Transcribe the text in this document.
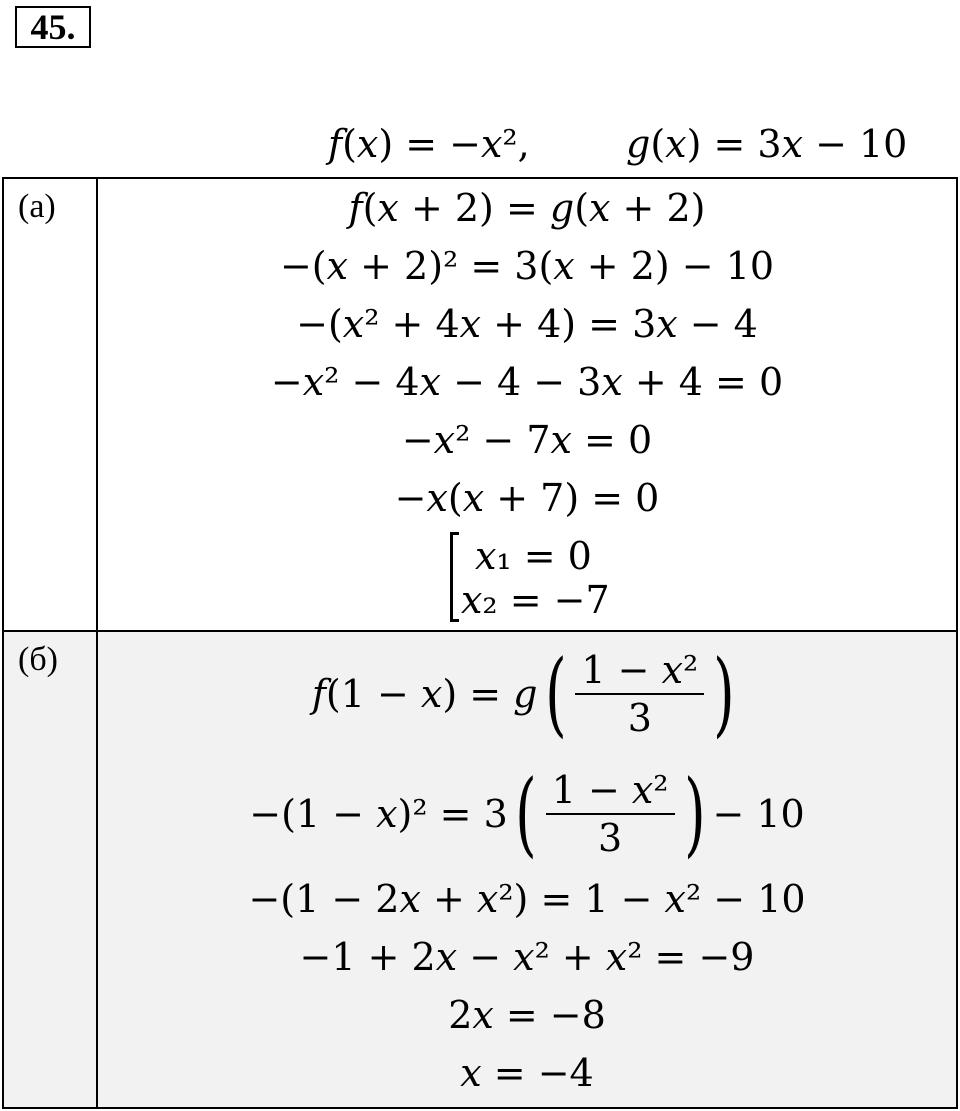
45.
𝑓(𝑥) = −𝑥²,	𝑔(𝑥) = 3𝑥 − 10
(а)	𝑓(𝑥 + 2) = 𝑔(𝑥 + 2)
−(𝑥 + 2)² = 3(𝑥 + 2) − 10
−(𝑥² + 4𝑥 + 4) = 3𝑥 − 4
−𝑥² − 4𝑥 − 4 − 3𝑥 + 4 = 0
−𝑥² − 7𝑥 = 0
−𝑥(𝑥 + 7) = 0
𝑥₁ = 0
𝑥₂ = −7
(б)
𝑓(1 − 𝑥) = 𝑔 ( $\frac{\text{1 − 𝑥²}}{3}$ )
−(1 − 𝑥)² = 3 ( $\frac{\text{1 − 𝑥²}}{3}$ ) − 10
−(1 − 2𝑥 + 𝑥²) = 1 − 𝑥² − 10
−1 + 2𝑥 − 𝑥² + 𝑥² = −9
2𝑥 = −8
𝑥 = −4
